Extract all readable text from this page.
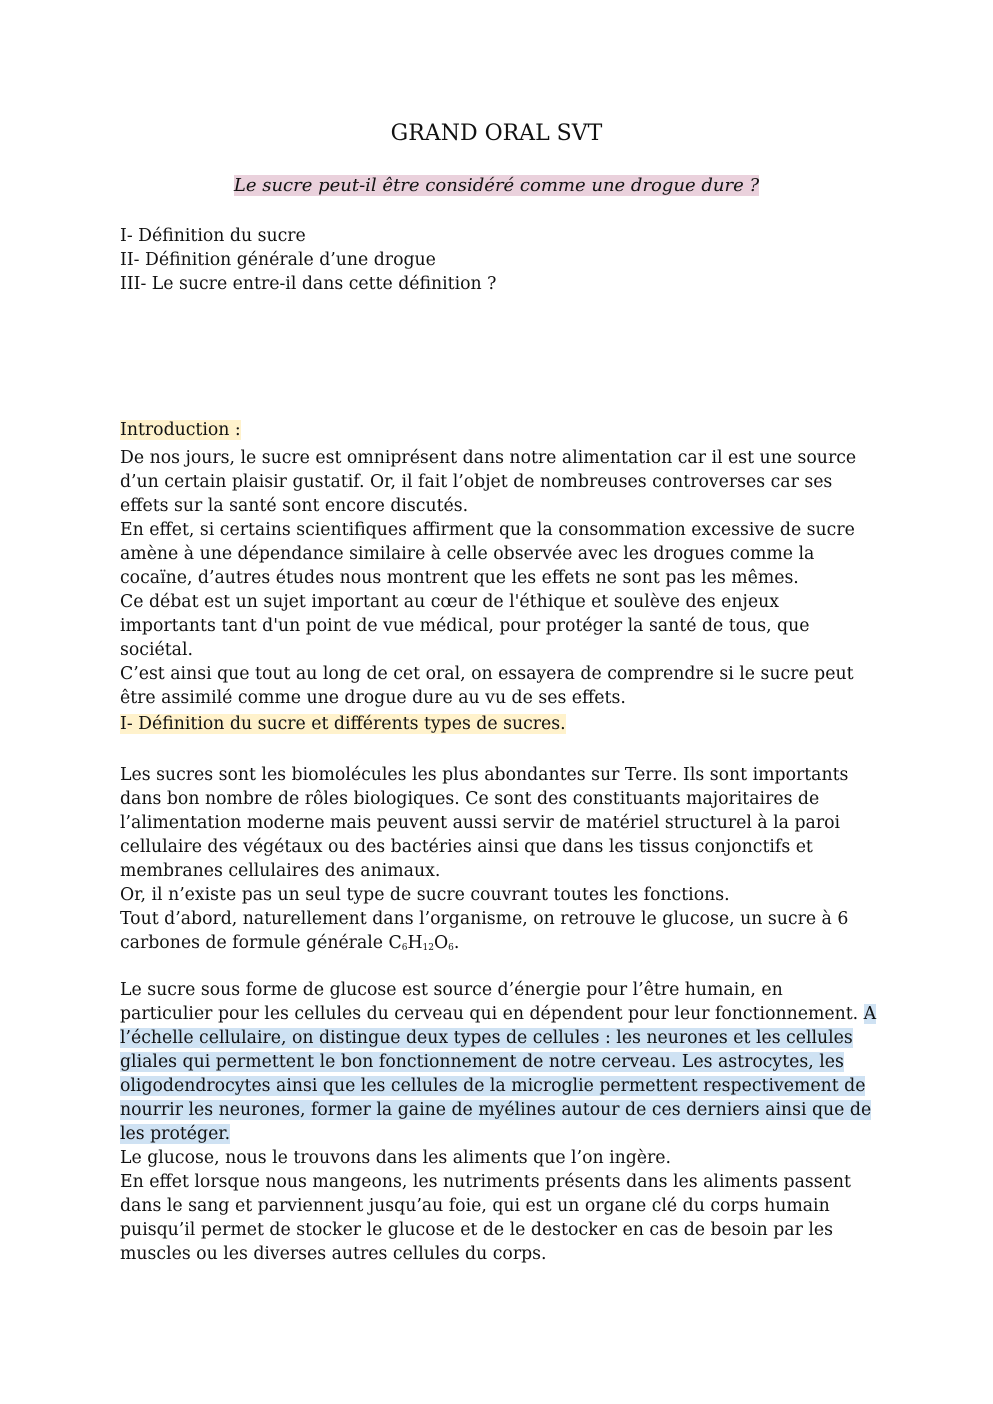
GRAND ORAL SVT
Le sucre peut-il être considéré comme une drogue dure ?

I- Définition du sucre

II- Définition générale d’une drogue

III- Le sucre entre-il dans cette définition ?

Introduction :

De nos jours, le sucre est omniprésent dans notre alimentation car il est une source d’un certain plaisir gustatif. Or, il fait l’objet de nombreuses controverses car ses effets sur la santé sont encore discutés.

En effet, si certains scientifiques affirment que la consommation excessive de sucre amène à une dépendance similaire à celle observée avec les drogues comme la cocaïne, d’autres études nous montrent que les effets ne sont pas les mêmes.

Ce débat est un sujet important au cœur de l'éthique et soulève des enjeux importants tant d'un point de vue médical, pour protéger la santé de tous, que sociétal.

C’est ainsi que tout au long de cet oral, on essayera de comprendre si le sucre peut être assimilé comme une drogue dure au vu de ses effets.

I- Définition du sucre et différents types de sucres.

Les sucres sont les biomolécules les plus abondantes sur Terre. Ils sont importants dans bon nombre de rôles biologiques. Ce sont des constituants majoritaires de l’alimentation moderne mais peuvent aussi servir de matériel structurel à la paroi cellulaire des végétaux ou des bactéries ainsi que dans les tissus conjonctifs et membranes cellulaires des animaux.

Or, il n’existe pas un seul type de sucre couvrant toutes les fonctions.

Tout d’abord, naturellement dans l’organisme, on retrouve le glucose, un sucre à 6 carbones de formule générale $C_6H_{12}O_6$.

Le sucre sous forme de glucose est source d’énergie pour l’être humain, en particulier pour les cellules du cerveau qui en dépendent pour leur fonctionnement. A l’échelle cellulaire, on distingue deux types de cellules : les neurones et les cellules gliales qui permettent le bon fonctionnement de notre cerveau. Les astrocytes, les oligodendrocytes ainsi que les cellules de la microglie permettent respectivement de nourrir les neurones, former la gaine de myélines autour de ces derniers ainsi que de les protéger.

Le glucose, nous le trouvons dans les aliments que l’on ingère.

En effet lorsque nous mangeons, les nutriments présents dans les aliments passent dans le sang et parviennent jusqu’au foie, qui est un organe clé du corps humain puisqu’il permet de stocker le glucose et de le destocker en cas de besoin par les muscles ou les diverses autres cellules du corps.
